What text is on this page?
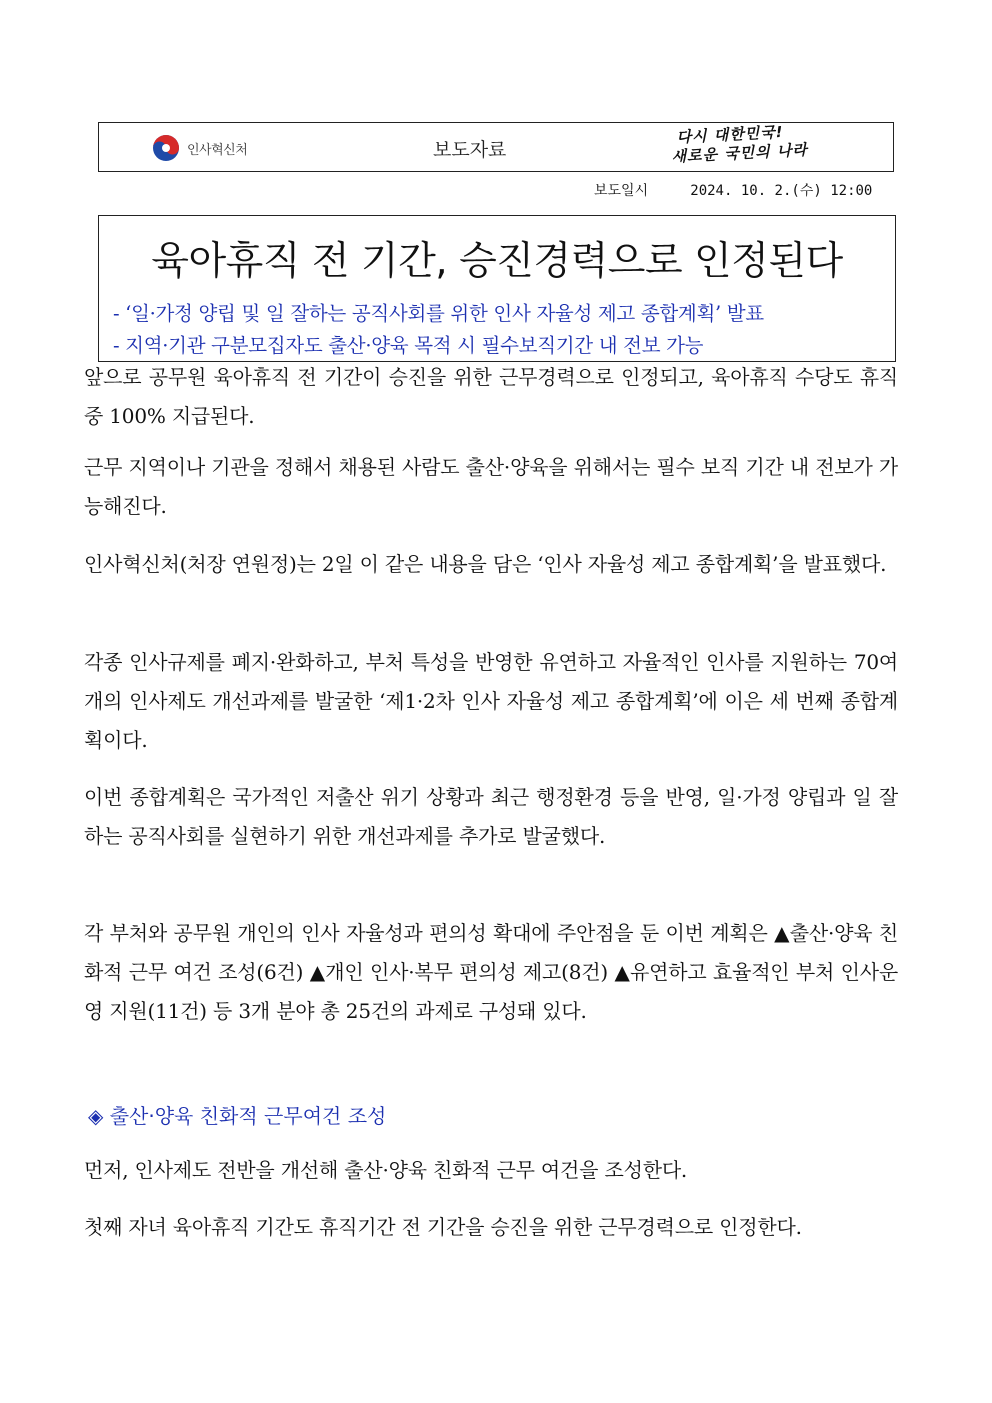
인사혁신처	보도자료
다시 대한민국!
새로운 국민의 나라
보도일시	2024. 10. 2.(수) 12:00
육아휴직 전 기간, 승진경력으로 인정된다
- ‘일·가정 양립 및 일 잘하는 공직사회를 위한 인사 자율성 제고 종합계획’ 발표
- 지역·기관 구분모집자도 출산·양육 목적 시 필수보직기간 내 전보 가능

앞으로 공무원 육아휴직 전 기간이 승진을 위한 근무경력으로 인정되고, 육아휴직 수당도 휴직 중 100% 지급된다.

근무 지역이나 기관을 정해서 채용된 사람도 출산·양육을 위해서는 필수 보직 기간 내 전보가 가능해진다.

인사혁신처(처장 연원정)는 2일 이 같은 내용을 담은 ‘인사 자율성 제고 종합계획’을 발표했다.

각종 인사규제를 폐지·완화하고, 부처 특성을 반영한 유연하고 자율적인 인사를 지원하는 70여 개의 인사제도 개선과제를 발굴한 ‘제1·2차 인사 자율성 제고 종합계획’에 이은 세 번째 종합계획이다.

이번 종합계획은 국가적인 저출산 위기 상황과 최근 행정환경 등을 반영, 일·가정 양립과 일 잘하는 공직사회를 실현하기 위한 개선과제를 추가로 발굴했다.

각 부처와 공무원 개인의 인사 자율성과 편의성 확대에 주안점을 둔 이번 계획은 ▲출산·양육 친화적 근무 여건 조성(6건) ▲개인 인사·복무 편의성 제고(8건) ▲유연하고 효율적인 부처 인사운영 지원(11건) 등 3개 분야 총 25건의 과제로 구성돼 있다.

◈ 출산·양육 친화적 근무여건 조성

먼저, 인사제도 전반을 개선해 출산·양육 친화적 근무 여건을 조성한다.

첫째 자녀 육아휴직 기간도 휴직기간 전 기간을 승진을 위한 근무경력으로 인정한다.
